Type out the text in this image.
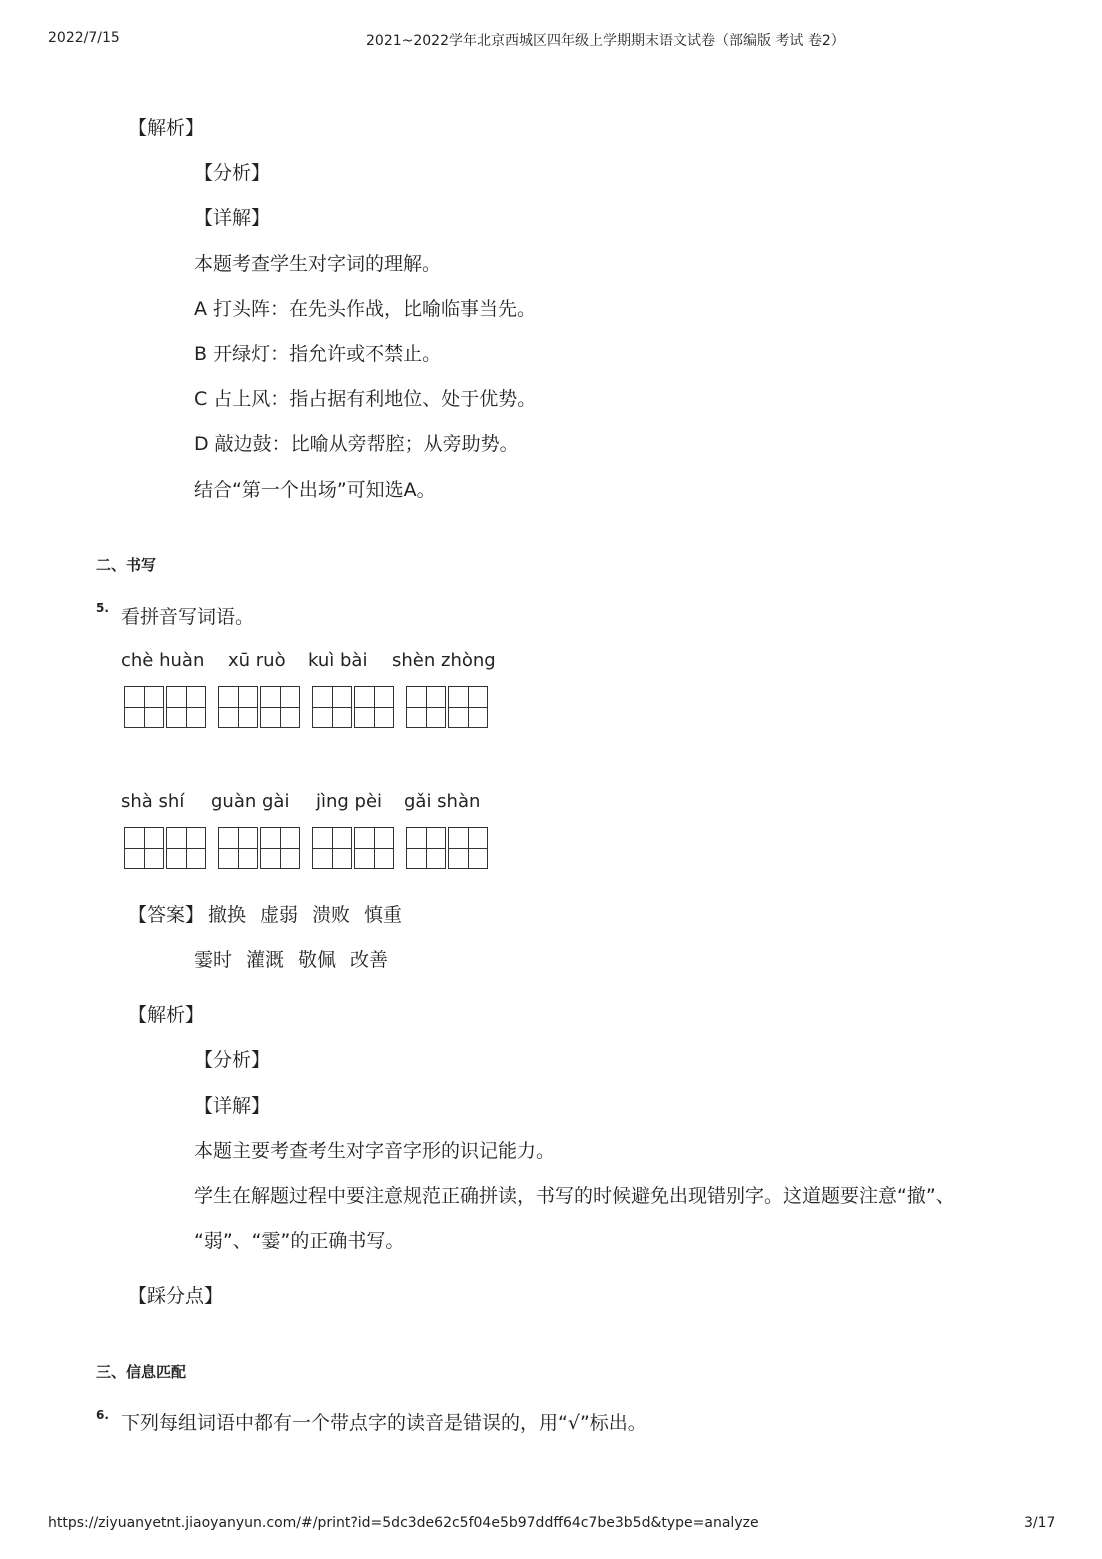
2022/7/15	2021~2022学年北京西城区四年级上学期期末语文试卷（部编版 考试 卷2）
【解析】
【分析】
【详解】
本题考查学生对字词的理解。
A 打头阵：在先头作战，比喻临事当先。
B 开绿灯：指允许或不禁止。
C 占上风：指占据有利地位、处于优势。
D 敲边鼓：比喻从旁帮腔；从旁助势。
结合“第一个出场”可知选A。
二、书写
5. 看拼音写词语。
chè huàn xū ruò kuì bài shèn zhòng
shà shí guàn gài jìng pèi gǎi shàn
【答案】 撤换 虚弱 溃败 慎重
霎时 灌溉 敬佩 改善
【解析】
【分析】
【详解】
本题主要考查考生对字音字形的识记能力。
学生在解题过程中要注意规范正确拼读，书写的时候避免出现错别字。这道题要注意“撤”、
“弱”、“霎”的正确书写。
【踩分点】
三、信息匹配
6. 下列每组词语中都有一个带点字的读音是错误的，用“√”标出。
https://ziyuanyetnt.jiaoyanyun.com/#/print?id=5dc3de62c5f04e5b97ddff64c7be3b5d&type=analyze	3/17
